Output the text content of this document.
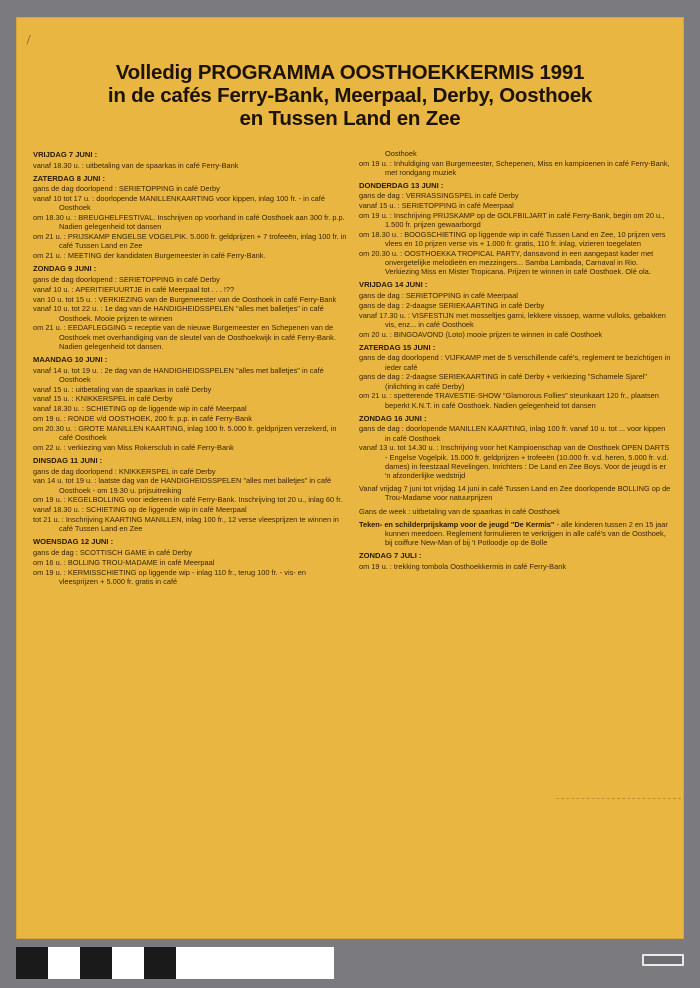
Volledig PROGRAMMA OOSTHOEKKERMIS 1991
in de cafés Ferry-Bank, Meerpaal, Derby, Oosthoek
en Tussen Land en Zee
VRIJDAG 7 JUNI :
vanaf 18.30 u. : uitbetaling van de spaarkas in café Ferry-Bank
ZATERDAG 8 JUNI :
gans de dag doorlopend : SERIETOPPING in café Derby
vanaf 10 tot 17 u. : doorlopende MANILLENKAARTING voor kippen, inlag 100 fr. - in café Oosthoek
om 18.30 u. : BREUGHELFESTIVAL. Inschrijven op voorhand in café Oosthoek aan 300 fr. p.p. Nadien gelegenheid tot dansen
om 21 u. : PRIJSKAMP ENGELSE VOGELPIK. 5.000 fr. geldprijzen + 7 trofeeën, inlag 100 fr. in café Tussen Land en Zee
om 21 u. : MEETING der kandidaten Burgemeester in café Ferry-Bank.
ZONDAG 9 JUNI :
gans de dag doorlopend : SERIETOPPING in café Derby
vanaf 10 u. : APERITIEFUURTJE in café Meerpaal tot . . . !??
van 10 u. tot 15 u. : VERKIEZING van de Burgemeester van de Oosthoek in café Ferry-Bank
vanaf 10 u. tot 22 u. : 1e dag van de HANDIGHEIDSSPELEN "alles met balletjes" in café Oosthoek. Mooie prijzen te winnen
om 21 u. : EEDAFLEGGING = receptie van de nieuwe Burgemeester en Schepenen van de Oosthoek met overhandiging van de sleutel van de Oosthoekwijk in café Ferry-Bank. Nadien gelegenheid tot dansen.
MAANDAG 10 JUNI :
vanaf 14 u. tot 19 u. : 2e dag van de HANDIGHEIDSSPELEN "alles met balletjes" in café Oosthoek
vanaf 15 u. : uitbetaling van de spaarkas in café Derby
vanaf 15 u. : KNIKKERSPEL in café Derby
vanaf 18.30 u. : SCHIETING op de liggende wip in café Meerpaal
om 19 u. : RONDE v/d OOSTHOEK, 200 fr. p.p. in café Ferry-Bank
om 20.30 u. : GROTE MANILLEN KAARTING, inlag 100 fr. 5.000 fr. geldprijzen verzekerd, in café Oosthoek
om 22 u. : verkiezing van Miss Rokersclub in café Ferry-Bank
DINSDAG 11 JUNI :
gans de dag doorlopend : KNIKKERSPEL in café Derby
van 14 u. tot 19 u. : laatste dag van de HANDIGHEIDSSPELEN "alles met balletjes" in café Oosthoek - om 19.30 u. prijsuitreiking
om 19 u. : KEGELBOLLING voor iedereen in café Ferry-Bank. Inschrijving tot 20 u., inlag 60 fr.
vanaf 18.30 u. : SCHIETING op de liggende wip in café Meerpaal
tot 21 u. : Inschrijving KAARTING MANILLEN, inlag 100 fr., 12 verse vleesprijzen te winnen in café Tussen Land en Zee
WOENSDAG 12 JUNI :
gans de dag : SCOTTISCH GAME in café Derby
om 16 u. : BOLLING TROU-MADAME in café Meerpaal
om 19 u. : KERMISSCHIETING op liggende wip - inlag 110 fr., terug 100 fr. - vis- en vleesprijzen + 5.000 fr. gratis in café
Oosthoek
om 19 u. : Inhuldiging van Burgemeester, Schepenen, Miss en kampioenen in café Ferry-Bank, met rondgang muziek
DONDERDAG 13 JUNI :
gans de dag : VERRASSINGSPEL in café Derby
vanaf 15 u. : SERIETOPPING in café Meerpaal
om 19 u. : Inschrijving PRIJSKAMP op de GOLFBILJART in café Ferry-Bank, begin om 20 u., 1.500 fr. prijzen gewaarborgd
om 18.30 u. : BOOGSCHIETING op liggende wip in café Tussen Land en Zee, 10 prijzen vers vlees en 10 prijzen verse vis + 1.000 fr. gratis, 110 fr. inlag, vizieren toegelaten
om 20.30 u. : OOSTHOEKKA TROPICAL PARTY, dansavond in een aangepast kader met onvergetelijke melodieën en mezzingers... Samba Lambada, Carnaval in Rio. Verkiezing Miss en Mister Tropicana. Prijzen te winnen in café Oosthoek. Olé ola.
VRIJDAG 14 JUNI :
gans de dag : SERIETOPPING in café Meerpaal
gans de dag : 2-daagse SERIEKAARTING in café Derby
vanaf 17.30 u. : VISFESTIJN met mosseltjes garni, lekkere vissoep, warme vulloks, gebakken vis, enz... in café Oosthoek
om 20 u. : BINGOAVOND (Loto) mooie prijzen te winnen in café Oosthoek
ZATERDAG 15 JUNI :
gans de dag doorlopend : VIJFKAMP met de 5 verschillende café's, reglement te bezichtigen in ieder café
gans de dag : 2-daagse SERIEKAARTING in café Derby + verkiezing "Schamele Sjarel" (inlichting in café Derby)
om 21 u. : spetterende TRAVESTIE-SHOW "Glamorous Follies" steunkaart 120 fr., plaatsen beperkt K.N.T. in café Oosthoek. Nadien gelegenheid tot dansen
ZONDAG 16 JUNI :
gans de dag : doorlopende MANILLEN KAARTING, inlag 100 fr. vanaf 10 u. tot ... voor kippen in café Oosthoek
vanaf 13 u. tot 14.30 u. : Inschrijving voor het Kampioenschap van de Oosthoek OPEN DARTS - Engelse Vogelpik. 15.000 fr. geldprijzen + trofeeën (10.000 fr. v.d. heren, 5.000 fr. v.d. dames) in feestzaal Revelingen. Inrichters : De Land en Zee Boys. Voor de jeugd is er 'n afzonderlijke wedstrijd
Vanaf vrijdag 7 juni tot vrijdag 14 juni in café Tussen Land en Zee doorlopende BOLLING op de Trou-Madame voor natuurprijzen
Gans de week : uitbetaling van de spaarkas in café Oosthoek
Teken- en schilderprijskamp voor de jeugd "De Kermis" - alle kinderen tussen 2 en 15 jaar kunnen meedoen. Reglement formulieren te verkrijgen in alle café's van de Oosthoek, bij coiffure New-Man of bij 't Potloodje op de Bolle
ZONDAG 7 JULI :
om 19 u. : trekking tombola Oosthoekkermis in café Ferry-Bank
